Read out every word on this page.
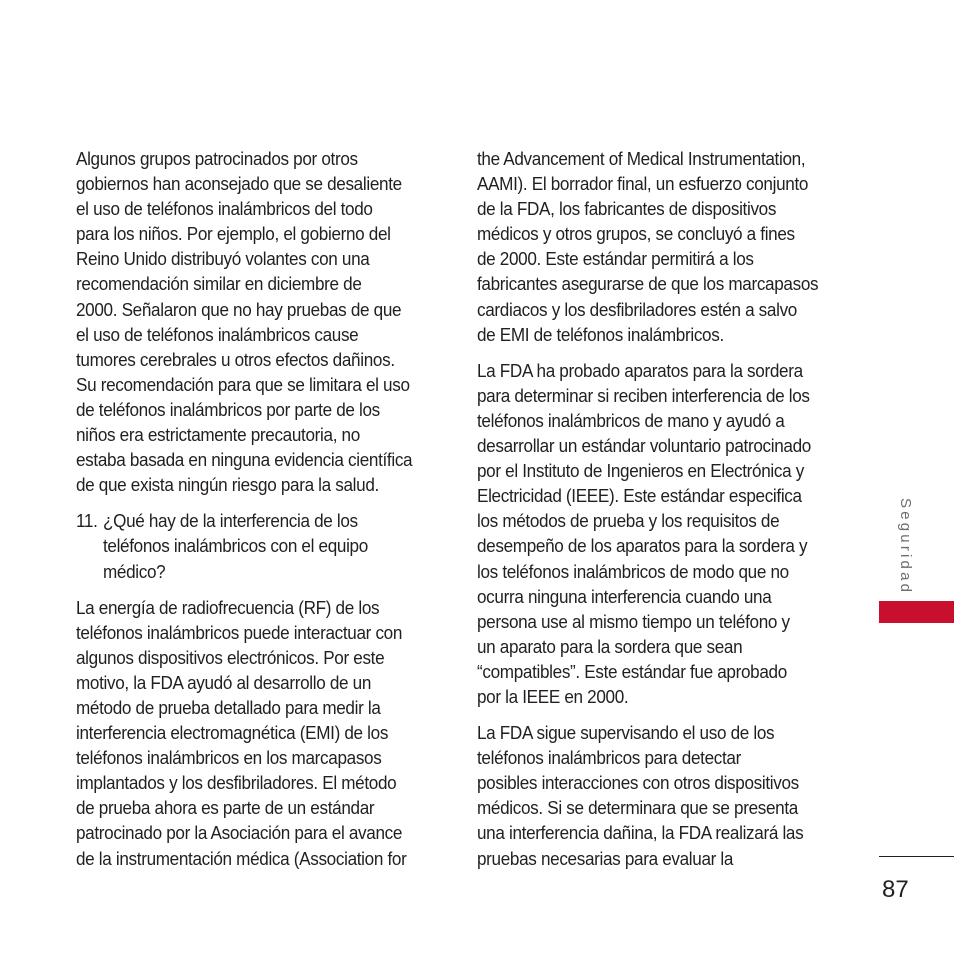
Algunos grupos patrocinados por otros
gobiernos han aconsejado que se desaliente
el uso de teléfonos inalámbricos del todo
para los niños. Por ejemplo, el gobierno del
Reino Unido distribuyó volantes con una
recomendación similar en diciembre de
2000. Señalaron que no hay pruebas de que
el uso de teléfonos inalámbricos cause
tumores cerebrales u otros efectos dañinos.
Su recomendación para que se limitara el uso
de teléfonos inalámbricos por parte de los
niños era estrictamente precautoria, no
estaba basada en ninguna evidencia científica
de que exista ningún riesgo para la salud.
11. ¿Qué hay de la interferencia de los
teléfonos inalámbricos con el equipo
médico?
La energía de radiofrecuencia (RF) de los
teléfonos inalámbricos puede interactuar con
algunos dispositivos electrónicos. Por este
motivo, la FDA ayudó al desarrollo de un
método de prueba detallado para medir la
interferencia electromagnética (EMI) de los
teléfonos inalámbricos en los marcapasos
implantados y los desfibriladores. El método
de prueba ahora es parte de un estándar
patrocinado por la Asociación para el avance
de la instrumentación médica (Association for
the Advancement of Medical Instrumentation,
AAMI). El borrador final, un esfuerzo conjunto
de la FDA, los fabricantes de dispositivos
médicos y otros grupos, se concluyó a fines
de 2000. Este estándar permitirá a los
fabricantes asegurarse de que los marcapasos
cardiacos y los desfibriladores estén a salvo
de EMI de teléfonos inalámbricos.
La FDA ha probado aparatos para la sordera
para determinar si reciben interferencia de los
teléfonos inalámbricos de mano y ayudó a
desarrollar un estándar voluntario patrocinado
por el Instituto de Ingenieros en Electrónica y
Electricidad (IEEE). Este estándar especifica
los métodos de prueba y los requisitos de
desempeño de los aparatos para la sordera y
los teléfonos inalámbricos de modo que no
ocurra ninguna interferencia cuando una
persona use al mismo tiempo un teléfono y
un aparato para la sordera que sean
“compatibles”. Este estándar fue aprobado
por la IEEE en 2000.
La FDA sigue supervisando el uso de los
teléfonos inalámbricos para detectar
posibles interacciones con otros dispositivos
médicos. Si se determinara que se presenta
una interferencia dañina, la FDA realizará las
pruebas necesarias para evaluar la
Seguridad
87
